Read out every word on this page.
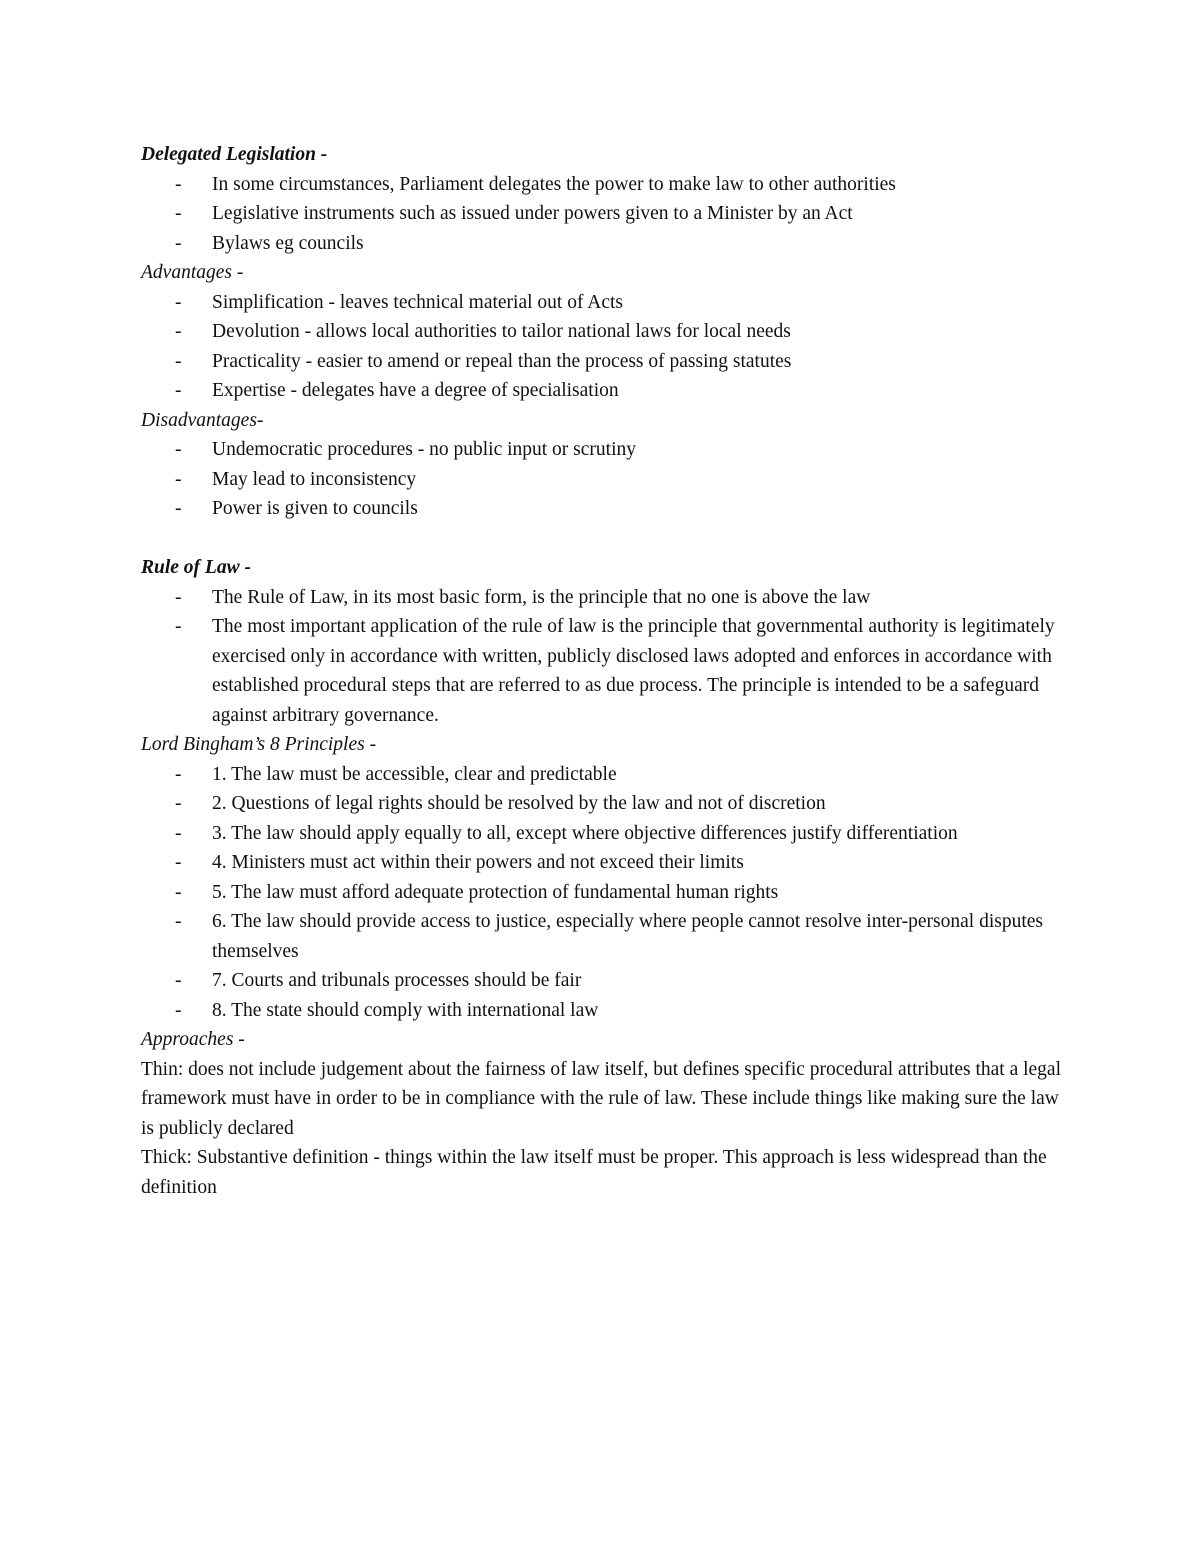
Delegated Legislation -

- In some circumstances, Parliament delegates the power to make law to other authorities
- Legislative instruments such as issued under powers given to a Minister by an Act
- Bylaws eg councils

Advantages -

- Simplification - leaves technical material out of Acts
- Devolution - allows local authorities to tailor national laws for local needs
- Practicality - easier to amend or repeal than the process of passing statutes
- Expertise - delegates have a degree of specialisation

Disadvantages-

- Undemocratic procedures - no public input or scrutiny
- May lead to inconsistency
- Power is given to councils

Rule of Law -

- The Rule of Law, in its most basic form, is the principle that no one is above the law
- The most important application of the rule of law is the principle that governmental authority is legitimately exercised only in accordance with written, publicly disclosed laws adopted and enforces in accordance with established procedural steps that are referred to as due process. The principle is intended to be a safeguard against arbitrary governance.

Lord Bingham’s 8 Principles -

- 1. The law must be accessible, clear and predictable
- 2. Questions of legal rights should be resolved by the law and not of discretion
- 3. The law should apply equally to all, except where objective differences justify differentiation
- 4. Ministers must act within their powers and not exceed their limits
- 5. The law must afford adequate protection of fundamental human rights
- 6. The law should provide access to justice, especially where people cannot resolve inter-personal disputes themselves
- 7. Courts and tribunals processes should be fair
- 8. The state should comply with international law

Approaches -

Thin: does not include judgement about the fairness of law itself, but defines specific procedural attributes that a legal framework must have in order to be in compliance with the rule of law. These include things like making sure the law is publicly declared

Thick: Substantive definition - things within the law itself must be proper. This approach is less widespread than the definition
